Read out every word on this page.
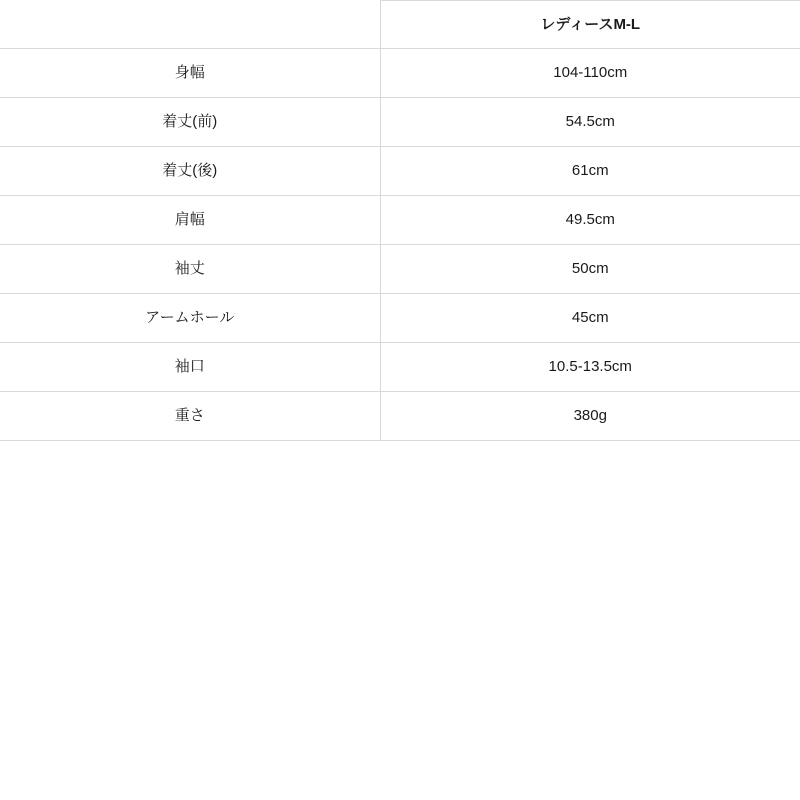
	レディースM-L
身幅	104-110cm
着丈(前)	54.5cm
着丈(後)	61cm
肩幅	49.5cm
袖丈	50cm
アームホール	45cm
袖口	10.5-13.5cm
重さ	380g
